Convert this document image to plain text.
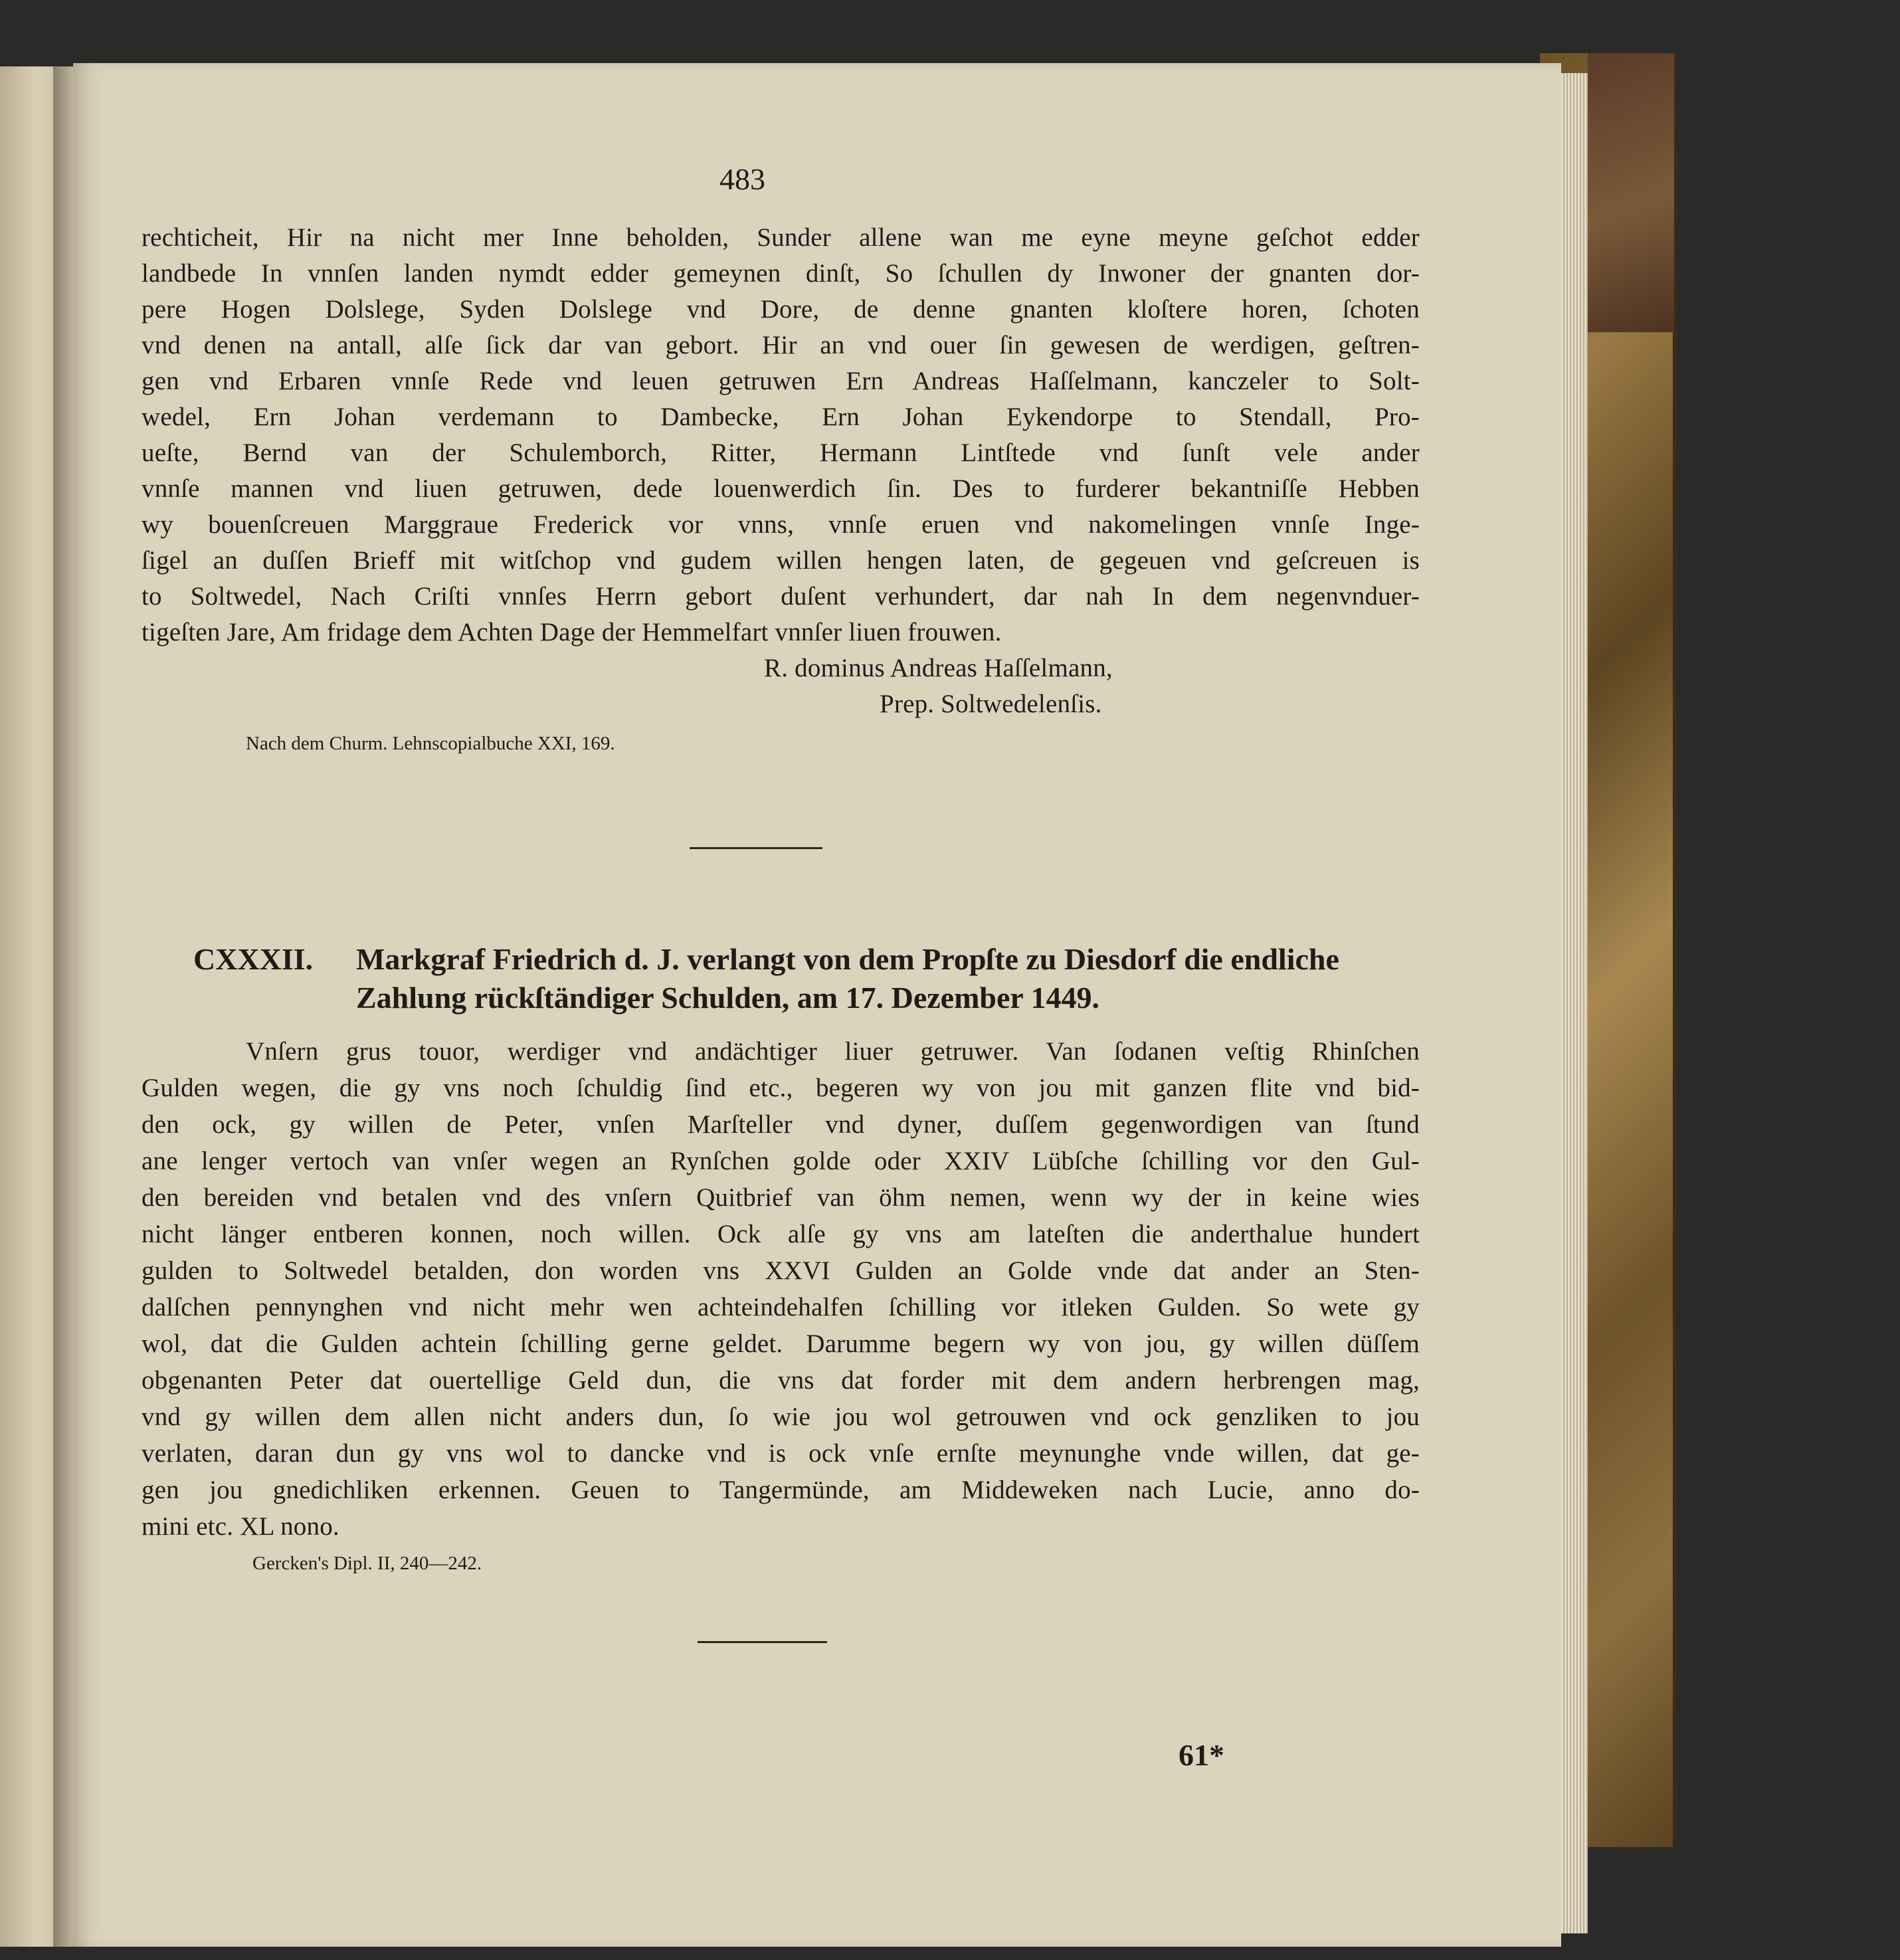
483
rechticheit, Hir na nicht mer Inne beholden, Sunder allene wan me eyne meyne geſchot edder
landbede In vnnſen landen nymdt edder gemeynen dinſt, So ſchullen dy Inwoner der gnanten dor-
pere Hogen Dolslege, Syden Dolslege vnd Dore, de denne gnanten kloſtere horen, ſchoten
vnd denen na antall, alſe ſick dar van gebort. Hir an vnd ouer ſin gewesen de werdigen, geſtren-
gen vnd Erbaren vnnſe Rede vnd leuen getruwen Ern Andreas Haſſelmann, kanczeler to Solt-
wedel, Ern Johan verdemann to Dambecke, Ern Johan Eykendorpe to Stendall, Pro-
ueſte, Bernd van der Schulemborch, Ritter, Hermann Lintſtede vnd ſunſt vele ander
vnnſe mannen vnd liuen getruwen, dede louenwerdich ſin. Des to furderer bekantniſſe Hebben
wy bouenſcreuen Marggraue Frederick vor vnns, vnnſe eruen vnd nakomelingen vnnſe Inge-
ſigel an duſſen Brieff mit witſchop vnd gudem willen hengen laten, de gegeuen vnd geſcreuen is
to Soltwedel, Nach Criſti vnnſes Herrn gebort duſent verhundert, dar nah In dem negenvnduer-
tigeſten Jare, Am fridage dem Achten Dage der Hemmelfart vnnſer liuen frouwen.
R. dominus Andreas Haſſelmann,
Prep. Soltwedelenſis.
Nach dem Churm. Lehnscopialbuche XXI, 169.
CXXXII. Markgraf Friedrich d. J. verlangt von dem Propſte zu Diesdorf die endliche
Zahlung rückſtändiger Schulden, am 17. Dezember 1449.
Vnſern grus touor, werdiger vnd andächtiger liuer getruwer. Van ſodanen veſtig Rhinſchen
Gulden wegen, die gy vns noch ſchuldig ſind etc., begeren wy von jou mit ganzen flite vnd bid-
den ock, gy willen de Peter, vnſen Marſteller vnd dyner, duſſem gegenwordigen van ſtund
ane lenger vertoch van vnſer wegen an Rynſchen golde oder XXIV Lübſche ſchilling vor den Gul-
den bereiden vnd betalen vnd des vnſern Quitbrief van öhm nemen, wenn wy der in keine wies
nicht länger entberen konnen, noch willen. Ock alſe gy vns am lateſten die anderthalue hundert
gulden to Soltwedel betalden, don worden vns XXVI Gulden an Golde vnde dat ander an Sten-
dalſchen pennynghen vnd nicht mehr wen achteindehalfen ſchilling vor itleken Gulden. So wete gy
wol, dat die Gulden achtein ſchilling gerne geldet. Darumme begern wy von jou, gy willen düſſem
obgenanten Peter dat ouertellige Geld dun, die vns dat forder mit dem andern herbrengen mag,
vnd gy willen dem allen nicht anders dun, ſo wie jou wol getrouwen vnd ock genzliken to jou
verlaten, daran dun gy vns wol to dancke vnd is ock vnſe ernſte meynunghe vnde willen, dat ge-
gen jou gnedichliken erkennen. Geuen to Tangermünde, am Middeweken nach Lucie, anno do-
mini etc. XL nono.
Gercken's Dipl. II, 240—242.
61*
